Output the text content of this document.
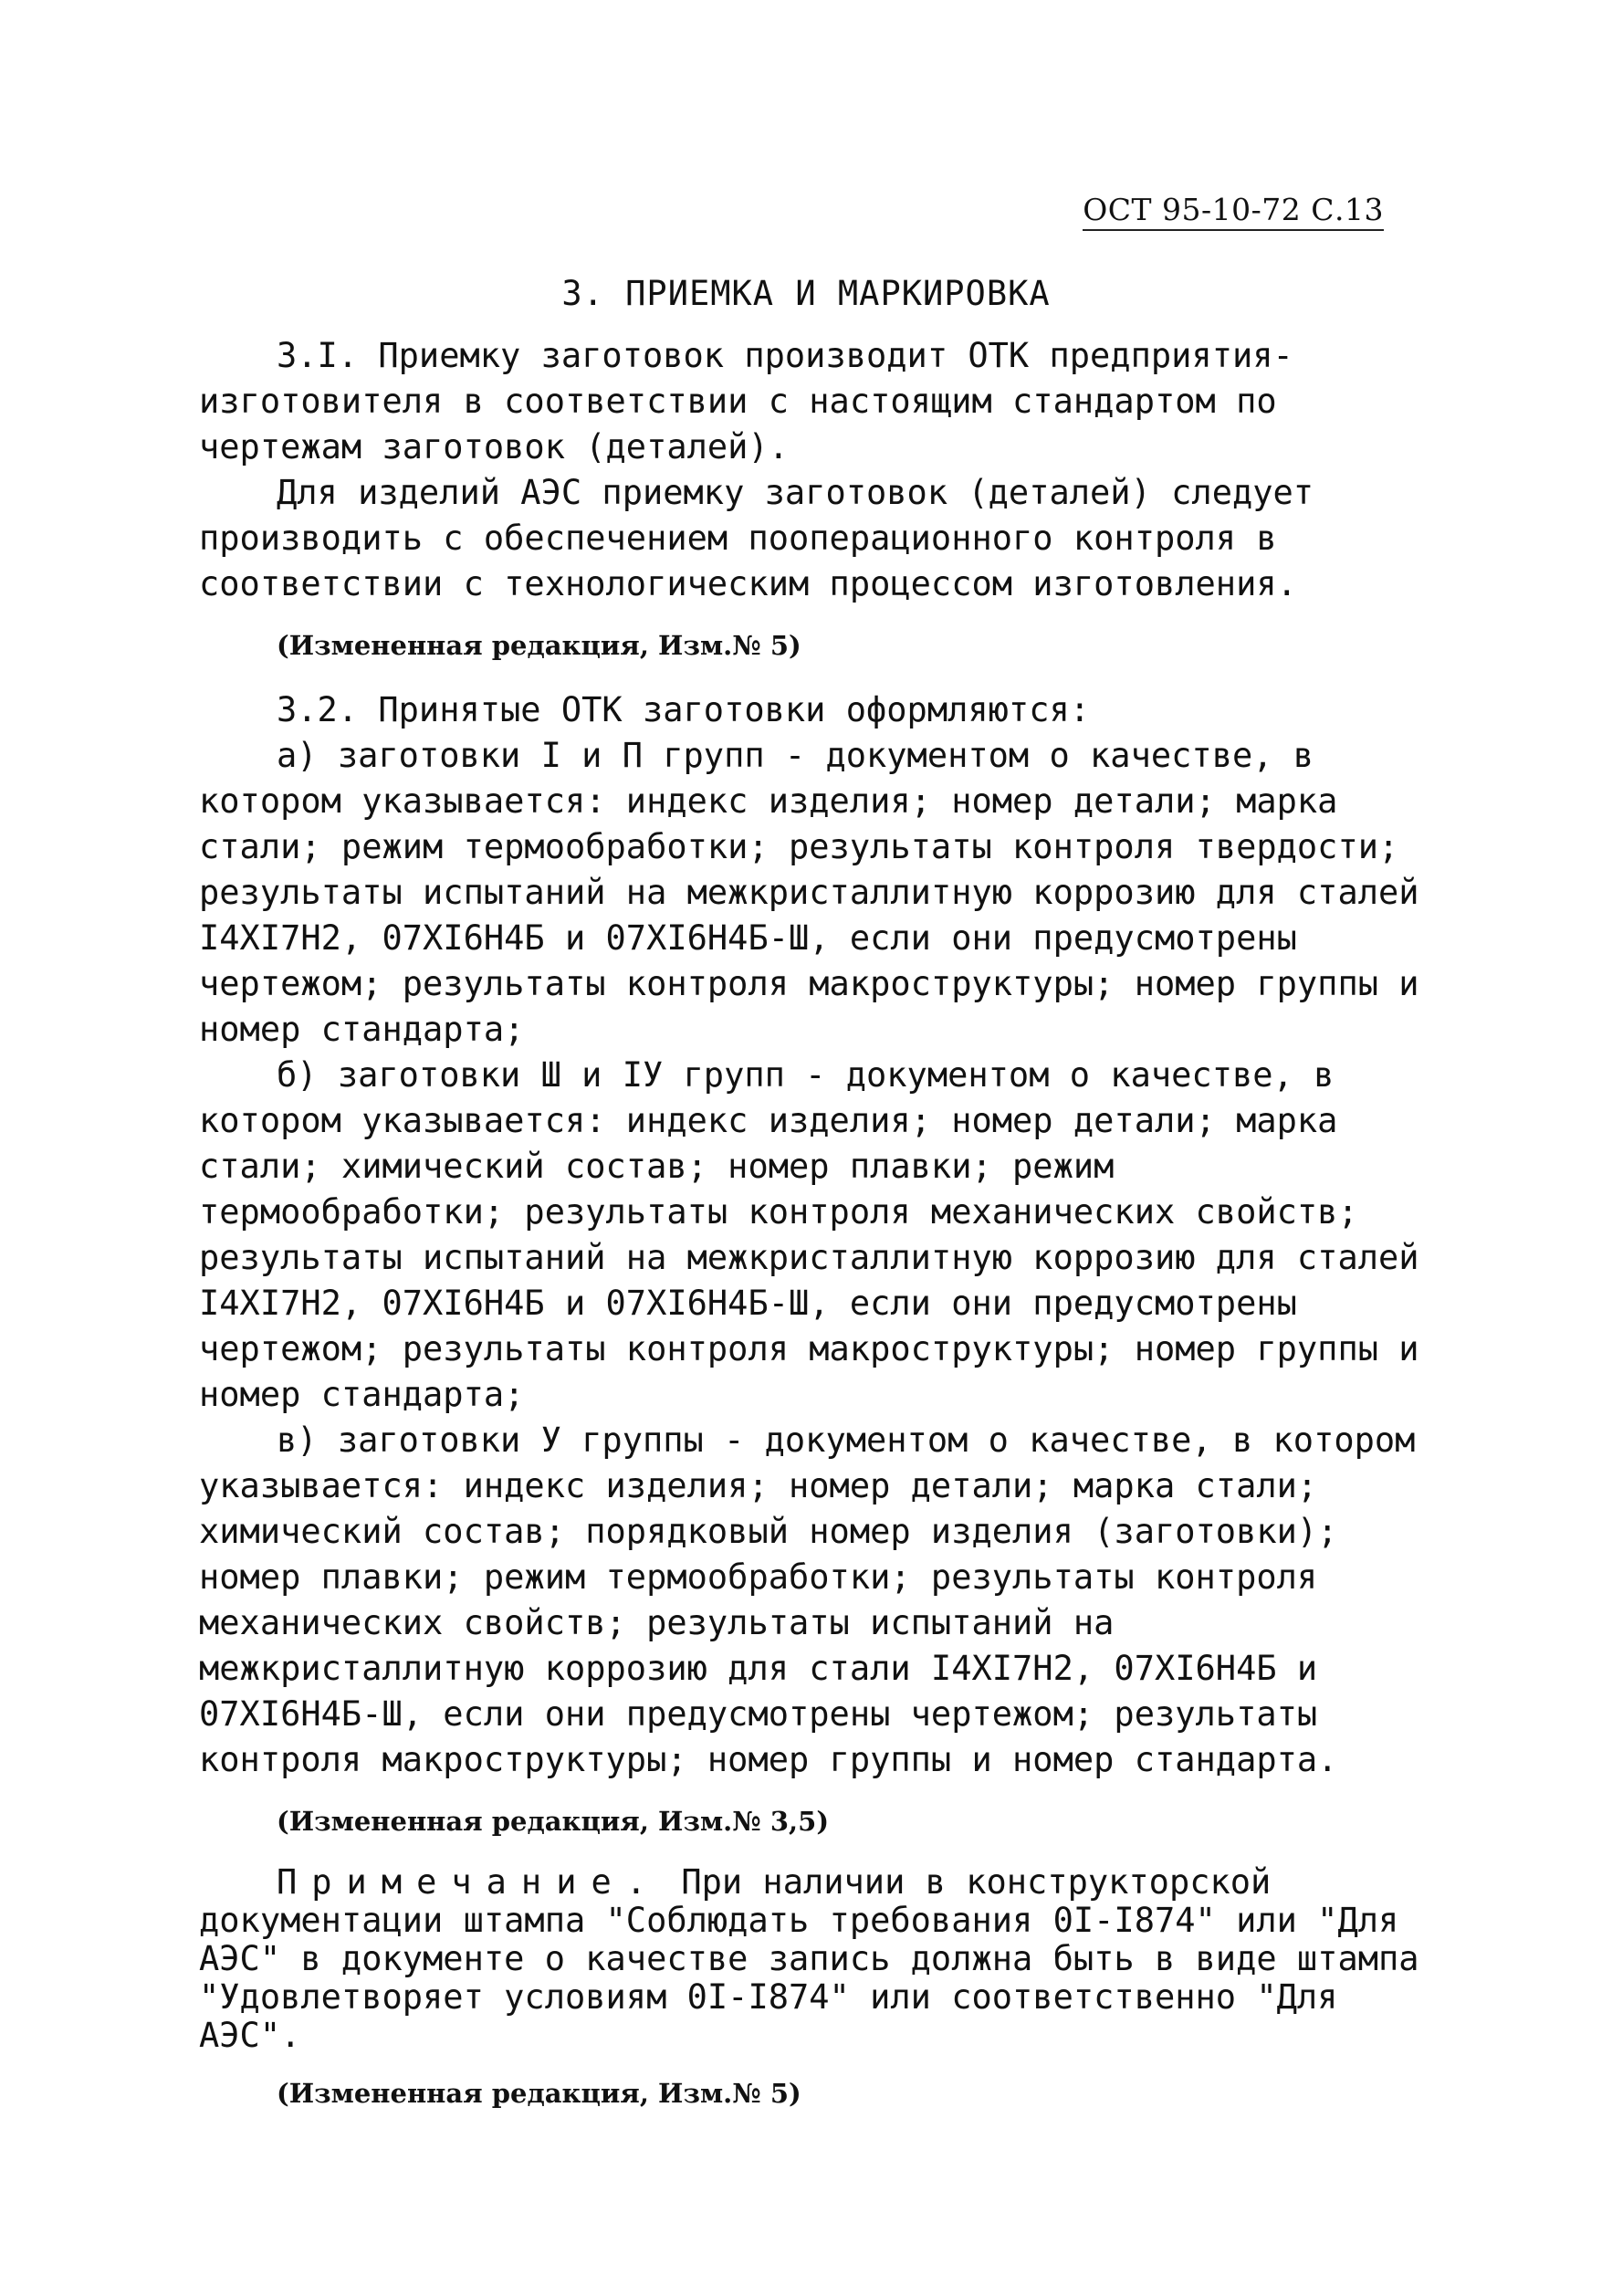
ОСТ 95-10-72 С.13
3. ПРИЕМКА И МАРКИРОВКА

3.I. Приемку заготовок производит ОТК предприятия-изготовителя в соответствии с настоящим стандартом по чертежам заготовок (деталей).

Для изделий АЭС приемку заготовок (деталей) следует производить с обеспечением пооперационного контроля в соответствии с технологическим процессом изготовления.

(Измененная редакция, Изм.№ 5)

3.2. Принятые ОТК заготовки оформляются:

а) заготовки I и П групп - документом о качестве, в котором указывается: индекс изделия; номер детали; марка стали; режим термообработки; результаты контроля твердости; результаты испытаний на межкристаллитную коррозию для сталей I4XI7H2, 07XI6H4Б и 07XI6H4Б-Ш, если они предусмотрены чертежом; результаты контроля макроструктуры; номер группы и номер стандарта;

б) заготовки Ш и IУ групп - документом о качестве, в котором указывается: индекс изделия; номер детали; марка стали; химический состав; номер плавки; режим термообработки; результаты контроля механических свойств; результаты испытаний на межкристаллитную коррозию для сталей I4XI7H2, 07XI6H4Б и 07XI6H4Б-Ш, если они предусмотрены чертежом; результаты контроля макроструктуры; номер группы и номер стандарта;

в) заготовки У группы - документом о качестве, в котором указывается: индекс изделия; номер детали; марка стали; химический состав; порядковый номер изделия (заготовки); номер плавки; режим термообработки; результаты контроля механических свойств; результаты испытаний на межкристаллитную коррозию для стали I4XI7H2, 07XI6H4Б и 07XI6H4Б-Ш, если они предусмотрены чертежом; результаты контроля макроструктуры; номер группы и номер стандарта.

(Измененная редакция, Изм.№ 3,5)

Примечание. При наличии в конструкторской документации штампа "Соблюдать требования 0I-I874" или "Для АЭС" в документе о качестве запись должна быть в виде штампа "Удовлетворяет условиям 0I-I874" или соответственно "Для АЭС".

(Измененная редакция, Изм.№ 5)
